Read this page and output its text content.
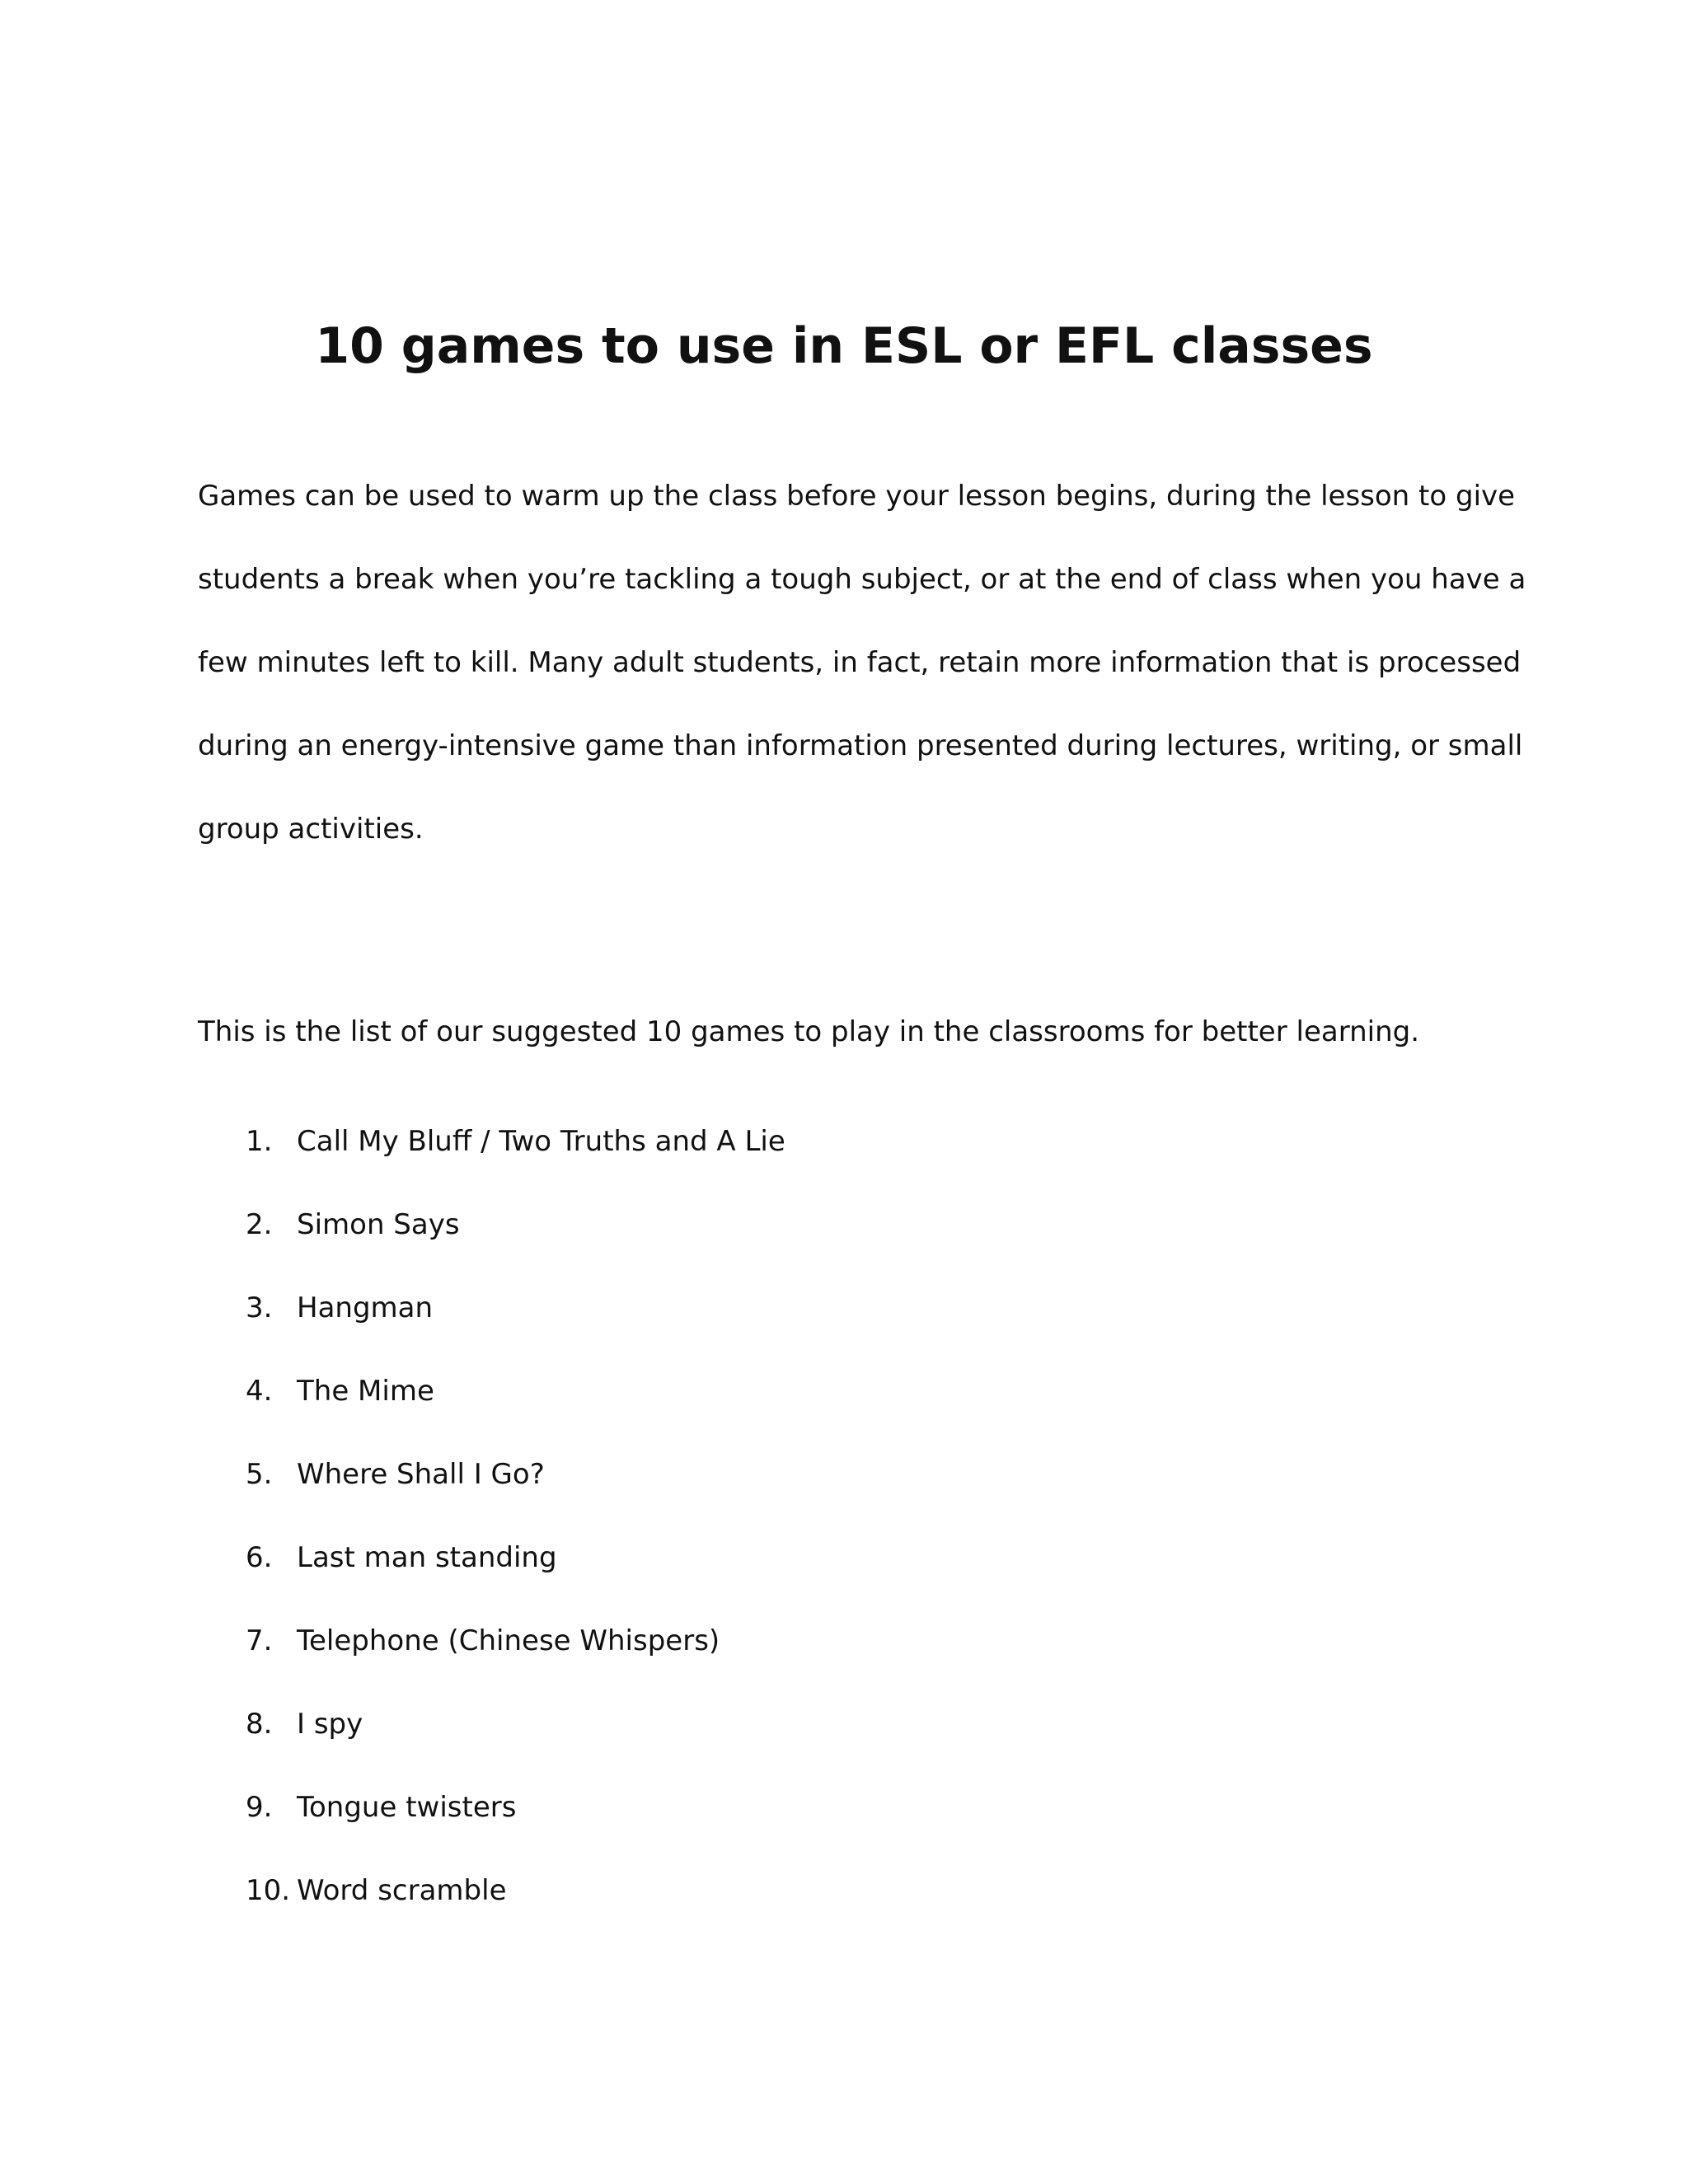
10 games to use in ESL or EFL classes
Games can be used to warm up the class before your lesson begins, during the lesson to give
students a break when you’re tackling a tough subject, or at the end of class when you have a
few minutes left to kill. Many adult students, in fact, retain more information that is processed
during an energy-intensive game than information presented during lectures, writing, or small
group activities.

This is the list of our suggested 10 games to play in the classrooms for better learning.

1. Call My Bluff / Two Truths and A Lie
2. Simon Says
3. Hangman
4. The Mime
5. Where Shall I Go?
6. Last man standing
7. Telephone (Chinese Whispers)
8. I spy
9. Tongue twisters
10. Word scramble
